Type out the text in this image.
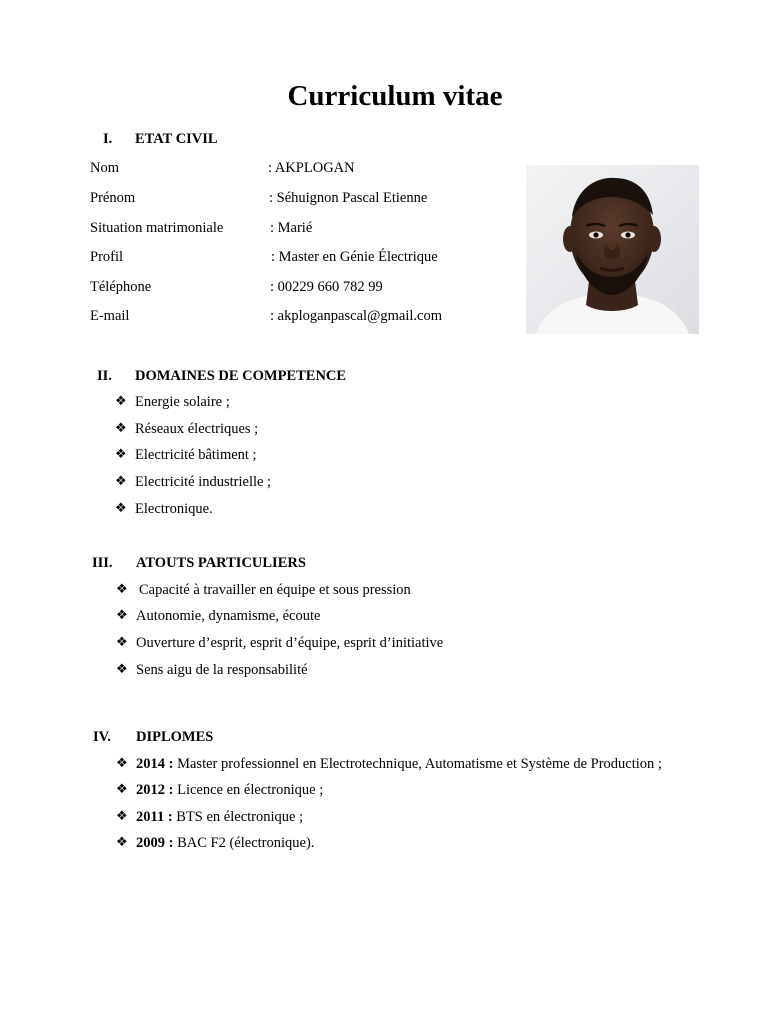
Curriculum vitae
I. ETAT CIVIL
Nom	: AKPLOGAN
Prénom	: Séhuignon Pascal Etienne
Situation matrimoniale	: Marié
Profil	: Master en Génie Électrique
Téléphone	: 00229 660 782 99
E-mail	: akploganpascal@gmail.com
II. DOMAINES DE COMPETENCE
❖ Energie solaire ;
❖ Réseaux électriques ;
❖ Electricité bâtiment ;
❖ Electricité industrielle ;
❖ Electronique.
III. ATOUTS PARTICULIERS
❖ Capacité à travailler en équipe et sous pression
❖ Autonomie, dynamisme, écoute
❖ Ouverture d’esprit, esprit d’équipe, esprit d’initiative
❖ Sens aigu de la responsabilité
IV. DIPLOMES
❖ 2014 : Master professionnel en Electrotechnique, Automatisme et Système de Production ;
❖ 2012 : Licence en électronique ;
❖ 2011 : BTS en électronique ;
❖ 2009 : BAC F2 (électronique).
